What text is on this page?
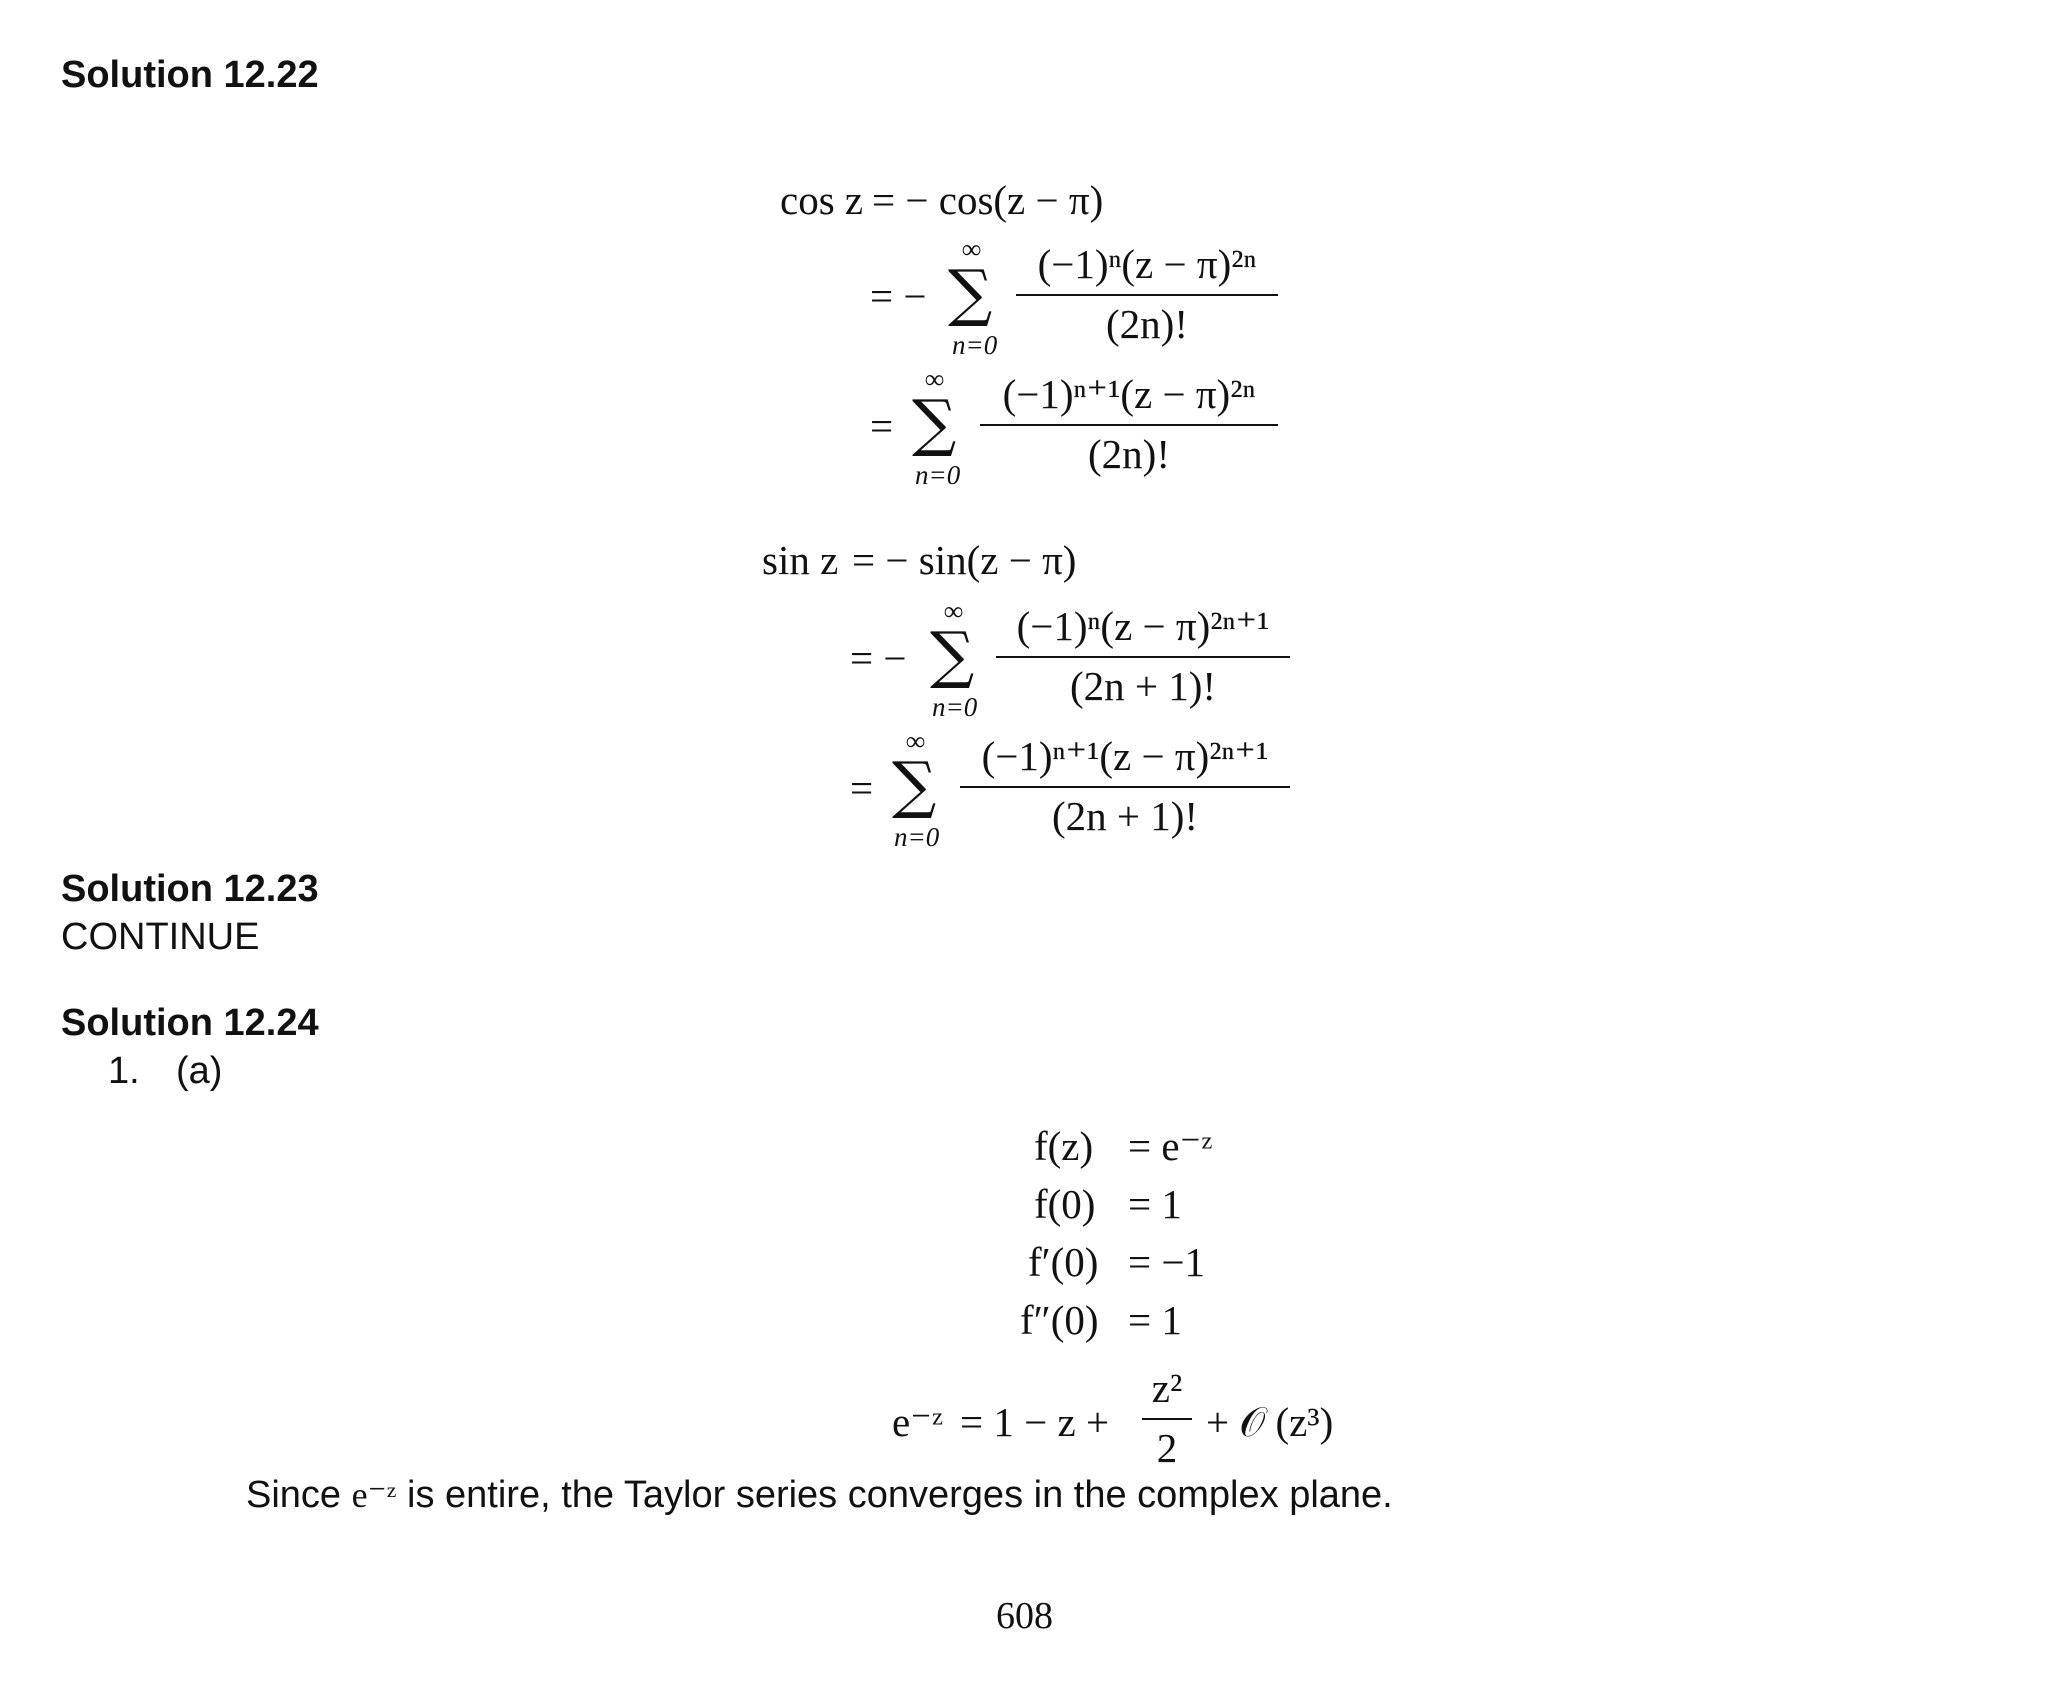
Solution 12.22
cos z = − cos(z − π)
= −
∞
∑
n=0
(−1)ⁿ(z − π)²ⁿ
(2n)!
=
∞
∑
n=0
(−1)ⁿ⁺¹(z − π)²ⁿ
(2n)!
sin z = − sin(z − π)
= −
∞
∑
n=0
(−1)ⁿ(z − π)²ⁿ⁺¹
(2n + 1)!
=
∞
∑
n=0
(−1)ⁿ⁺¹(z − π)²ⁿ⁺¹
(2n + 1)!
Solution 12.23
CONTINUE
Solution 12.24
1. (a)
f(z) = e⁻ᶻ
f(0) = 1
f′(0) = −1
f″(0) = 1
e⁻ᶻ = 1 − z +
z²
2
+ 𝒪 (z³)
Since e⁻ᶻ is entire, the Taylor series converges in the complex plane.
608
